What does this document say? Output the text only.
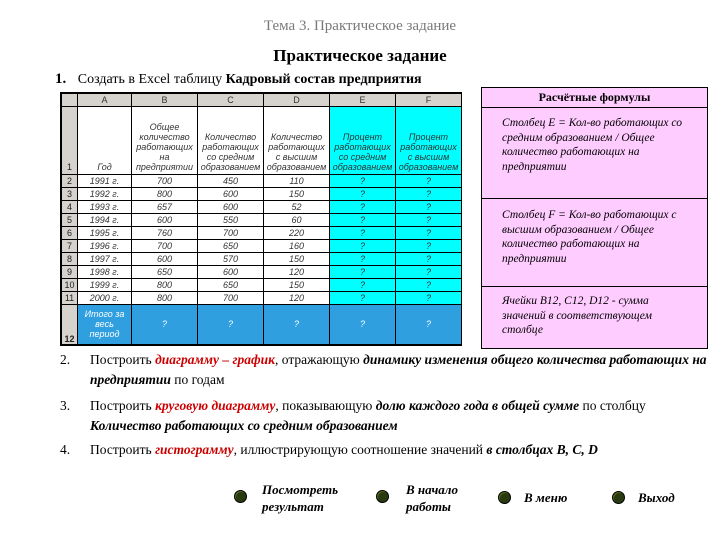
Тема 3. Практическое задание
Практическое задание
1. Создать в Excel таблицу Кадровый состав предприятия
	A	B	C	D	E	F
1	Год	Общее количество работающих на предприятии	Количество работающих со средним образованием	Количество работающих с высшим образованием	Процент работающих со средним образованием	Процент работающих с высшим образованием
2	1991 г.	700	450	110	?	?
3	1992 г.	800	600	150	?	?
4	1993 г.	657	600	52	?	?
5	1994 г.	600	550	60	?	?
6	1995 г.	760	700	220	?	?
7	1996 г.	700	650	160	?	?
8	1997 г.	600	570	150	?	?
9	1998 г.	650	600	120	?	?
10	1999 г.	800	650	150	?	?
11	2000 г.	800	700	120	?	?
12	Итого за весь период	?	?	?	?	?
Расчётные формулы
Столбец E = Кол-во работающих со средним образованием / Общее количество работающих на предприятии
Столбец F = Кол-во работающих с высшим образованием / Общее количество работающих на предприятии
Ячейки B12, C12, D12 - сумма значений в соответствующем столбце
2. Построить диаграмму – график, отражающую динамику изменения общего количества работающих на предприятии по годам
3. Построить круговую диаграмму, показывающую долю каждого года в общей сумме по столбцу Количество работающих со средним образованием
4. Построить гистограмму, иллюстрирующую соотношение значений в столбцах B, C, D
Посмотреть результат
В начало работы
В меню	Выход
